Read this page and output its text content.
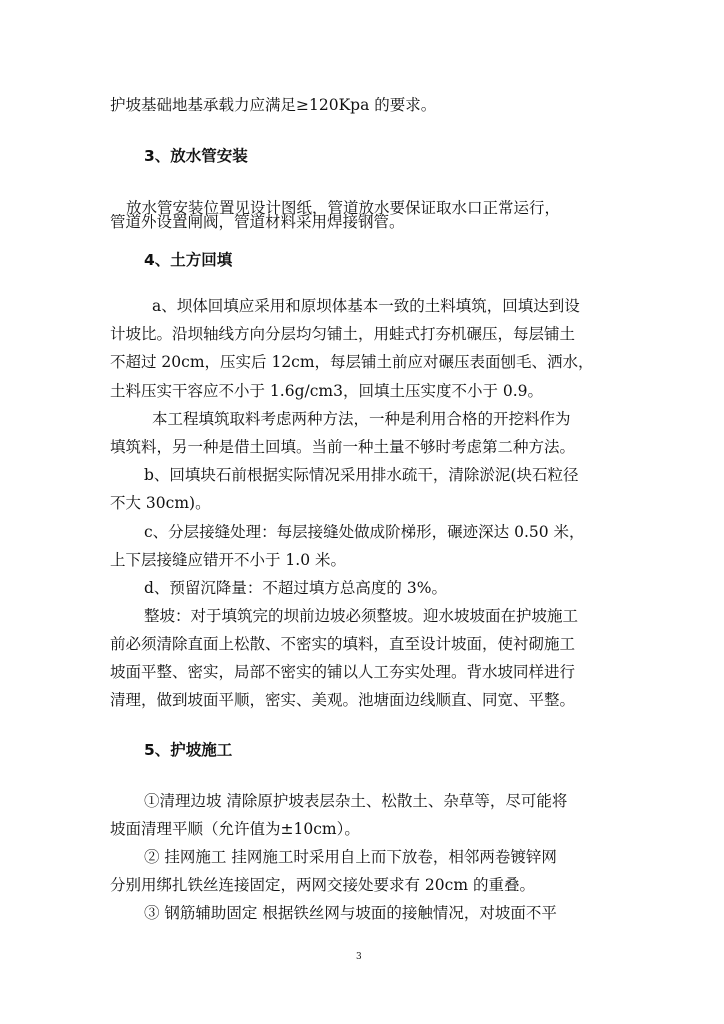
护坡基础地基承载力应满足≥120Kpa 的要求。
3、放水管安装
放水管安装位置见设计图纸，管道放水要保证取水口正常运行，
管道外设置闸阀，管道材料采用焊接钢管。
4、土方回填
a、坝体回填应采用和原坝体基本一致的土料填筑，回填达到设
计坡比。沿坝轴线方向分层均匀铺土，用蛙式打夯机碾压，每层铺土
不超过 20cm，压实后 12cm，每层铺土前应对碾压表面刨毛、洒水，
土料压实干容应不小于 1.6g/cm3，回填土压实度不小于 0.9。
本工程填筑取料考虑两种方法，一种是利用合格的开挖料作为
填筑料，另一种是借土回填。当前一种土量不够时考虑第二种方法。
b、回填块石前根据实际情况采用排水疏干，清除淤泥(块石粒径
不大 30cm)。
c、分层接缝处理：每层接缝处做成阶梯形，碾迹深达 0.50 米，
上下层接缝应错开不小于 1.0 米。
d、预留沉降量：不超过填方总高度的 3%。
整坡：对于填筑完的坝前边坡必须整坡。迎水坡坡面在护坡施工
前必须清除直面上松散、不密实的填料，直至设计坡面，使衬砌施工
坡面平整、密实，局部不密实的铺以人工夯实处理。背水坡同样进行
清理，做到坡面平顺，密实、美观。池塘面边线顺直、同宽、平整。
5、护坡施工
①清理边坡 清除原护坡表层杂土、松散土、杂草等，尽可能将
坡面清理平顺（允许值为±10cm）。
② 挂网施工 挂网施工时采用自上而下放卷，相邻两卷镀锌网
分别用绑扎铁丝连接固定，两网交接处要求有 20cm 的重叠。
③ 钢筋辅助固定 根据铁丝网与坡面的接触情况，对坡面不平
3
